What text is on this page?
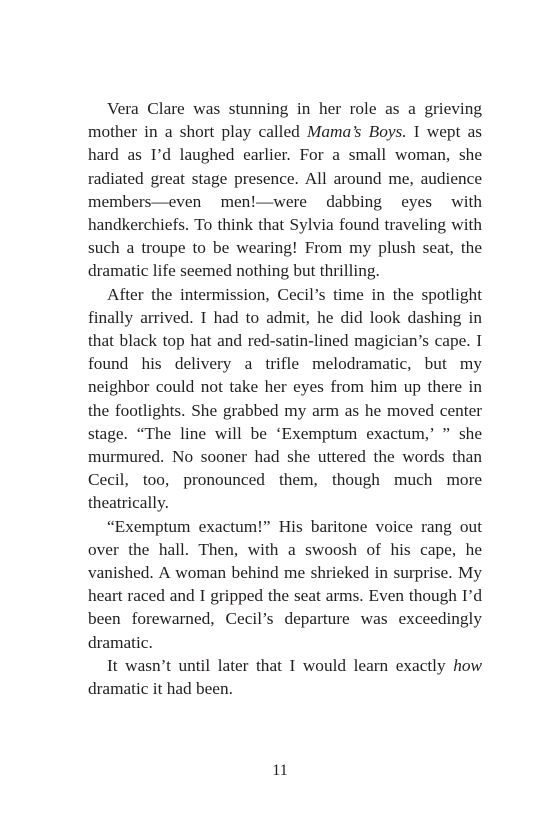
Vera Clare was stunning in her role as a grieving mother in a short play called Mama’s Boys. I wept as hard as I’d laughed earlier. For a small woman, she radiated great stage presence. All around me, audience members—even men!—were dabbing eyes with handkerchiefs. To think that Sylvia found traveling with such a troupe to be wearing! From my plush seat, the dramatic life seemed nothing but thrilling.

After the intermission, Cecil’s time in the spotlight finally arrived. I had to admit, he did look dashing in that black top hat and red-satin-lined magician’s cape. I found his delivery a trifle melodramatic, but my neighbor could not take her eyes from him up there in the footlights. She grabbed my arm as he moved center stage. “The line will be ‘Exemptum exactum,’ ” she murmured. No sooner had she uttered the words than Cecil, too, pronounced them, though much more theatrically.

“Exemptum exactum!” His baritone voice rang out over the hall. Then, with a swoosh of his cape, he vanished. A woman behind me shrieked in surprise. My heart raced and I gripped the seat arms. Even though I’d been forewarned, Cecil’s departure was exceedingly dramatic.

It wasn’t until later that I would learn exactly how dramatic it had been.

11
